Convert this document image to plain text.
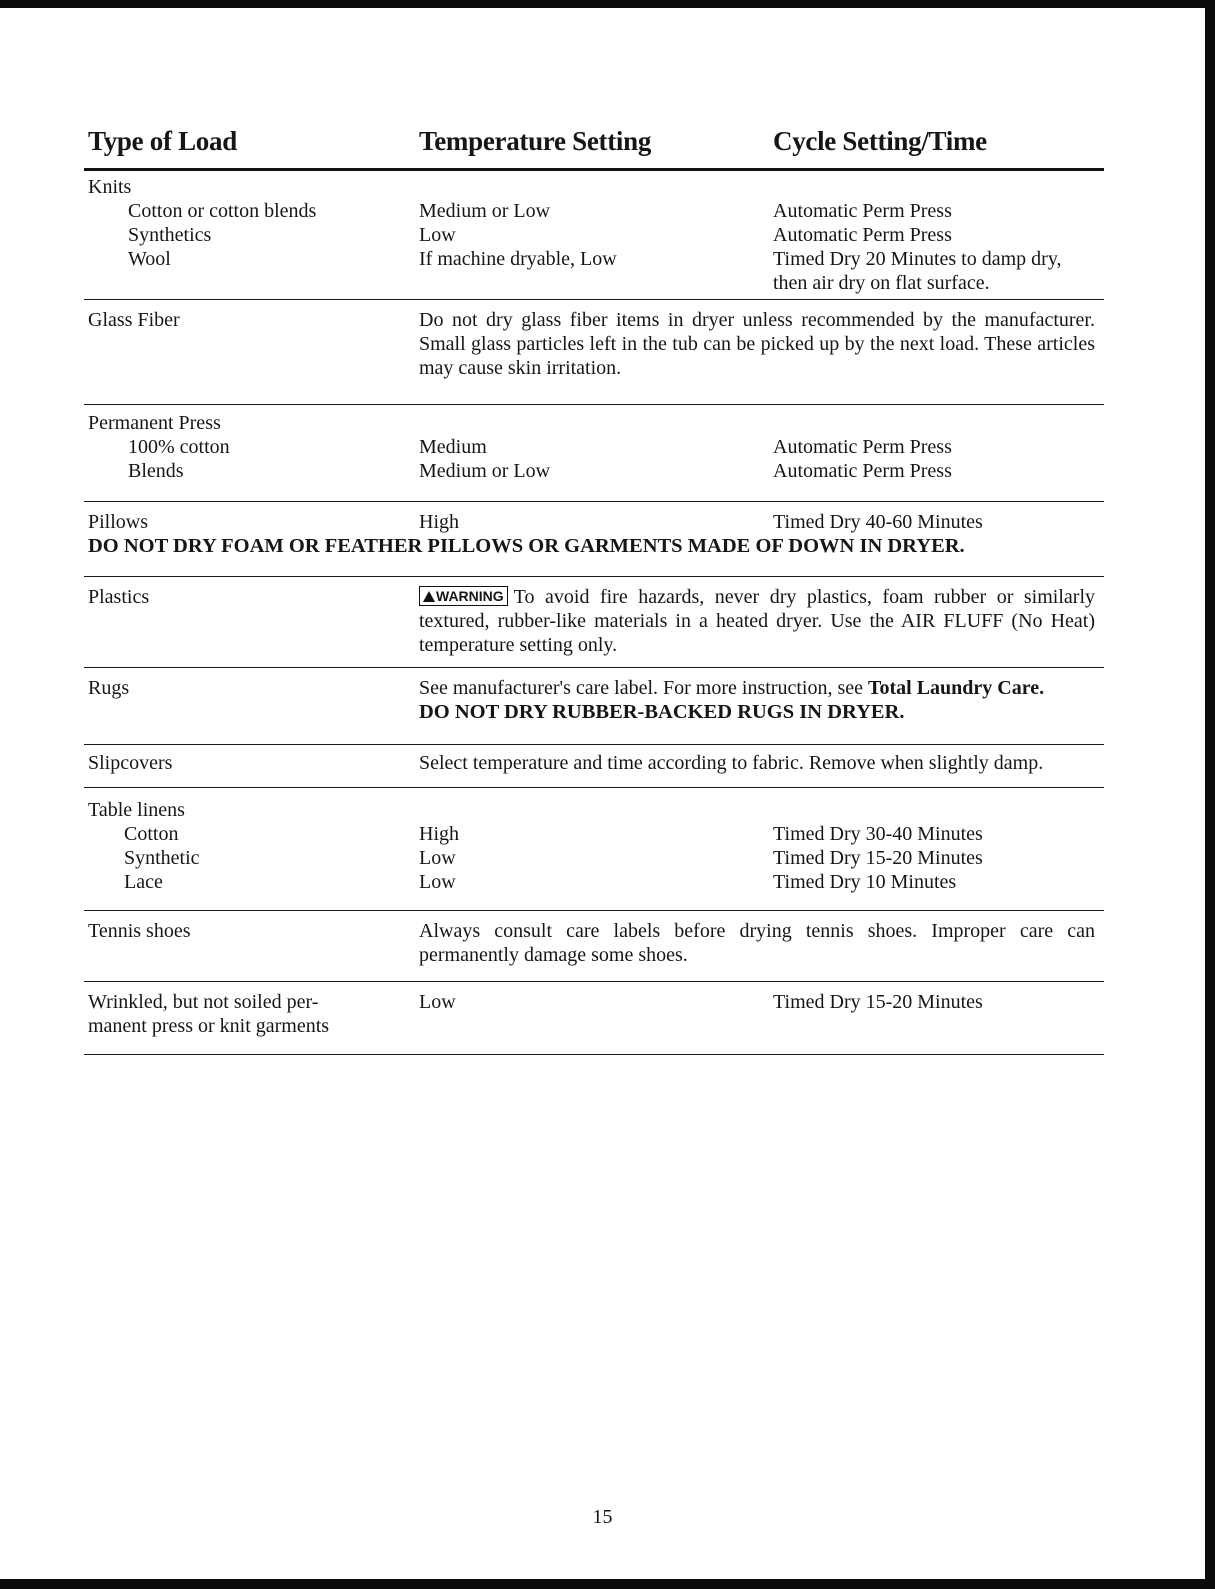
Type of Load	Temperature Setting	Cycle Setting/Time
Knits
Cotton or cotton blends	Medium or Low	Automatic Perm Press
Synthetics	Low	Automatic Perm Press
Wool	If machine dryable, Low	Timed Dry 20 Minutes to damp dry,
then air dry on flat surface.
Glass Fiber	Do not dry glass fiber items in dryer unless recommended by the manufacturer. Small glass particles left in the tub can be picked up by the next load. These articles may cause skin irritation.

Permanent Press
100% cotton	Medium	Automatic Perm Press
Blends	Medium or Low	Automatic Perm Press
Pillows	High	Timed Dry 40-60 Minutes
DO NOT DRY FOAM OR FEATHER PILLOWS OR GARMENTS MADE OF DOWN IN DRYER.
Plastics	WARNING To avoid fire hazards, never dry plastics, foam rubber or similarly textured, rubber-like materials in a heated dryer. Use the AIR FLUFF (No Heat) temperature setting only.

Rugs	See manufacturer's care label. For more instruction, see Total Laundry Care.

DO NOT DRY RUBBER-BACKED RUGS IN DRYER.

Slipcovers	Select temperature and time according to fabric. Remove when slightly damp.
Table linens
Cotton	High	Timed Dry 30-40 Minutes
Synthetic	Low	Timed Dry 15-20 Minutes
Lace	Low	Timed Dry 10 Minutes
Tennis shoes	Always consult care labels before drying tennis shoes. Improper care can permanently damage some shoes.

Wrinkled, but not soiled per-	Low	Timed Dry 15-20 Minutes
manent press or knit garments
15
